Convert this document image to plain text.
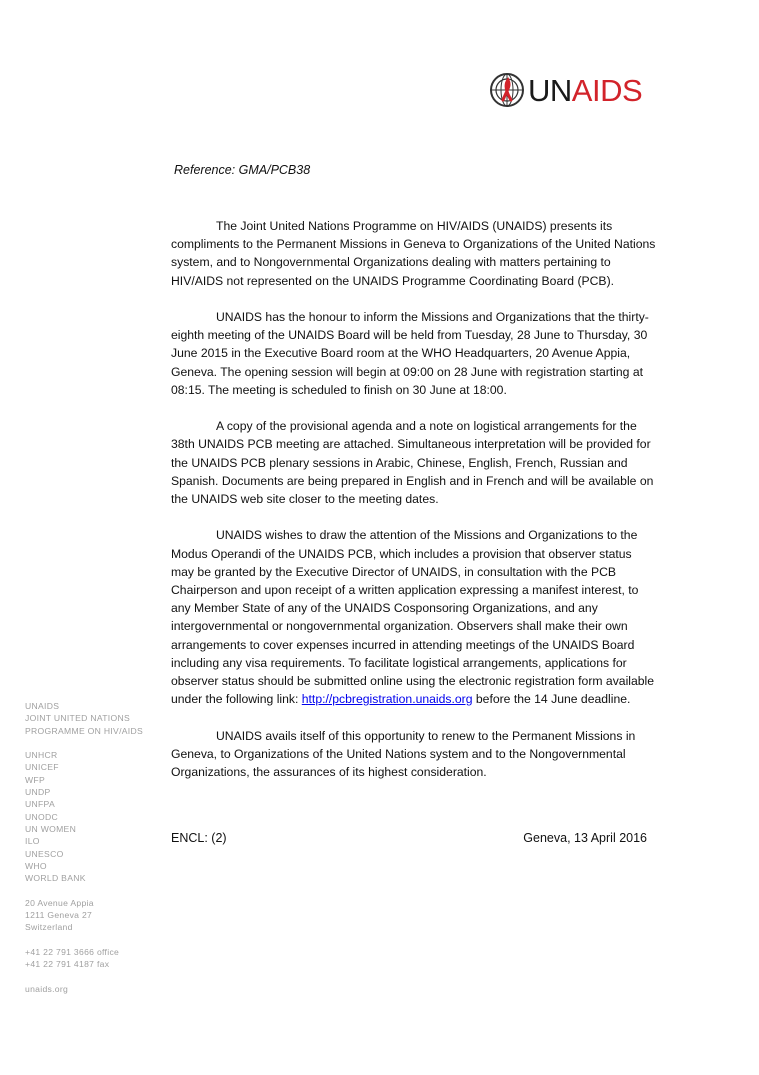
UNAIDS
Reference: GMA/PCB38

The Joint United Nations Programme on HIV/AIDS (UNAIDS) presents its compliments to the Permanent Missions in Geneva to Organizations of the United Nations system, and to Nongovernmental Organizations dealing with matters pertaining to HIV/AIDS not represented on the UNAIDS Programme Coordinating Board (PCB).

UNAIDS has the honour to inform the Missions and Organizations that the thirty-eighth meeting of the UNAIDS Board will be held from Tuesday, 28 June to Thursday, 30 June 2015 in the Executive Board room at the WHO Headquarters, 20 Avenue Appia, Geneva. The opening session will begin at 09:00 on 28 June with registration starting at 08:15. The meeting is scheduled to finish on 30 June at 18:00.

A copy of the provisional agenda and a note on logistical arrangements for the 38th UNAIDS PCB meeting are attached. Simultaneous interpretation will be provided for the UNAIDS PCB plenary sessions in Arabic, Chinese, English, French, Russian and Spanish. Documents are being prepared in English and in French and will be available on the UNAIDS web site closer to the meeting dates.

UNAIDS wishes to draw the attention of the Missions and Organizations to the Modus Operandi of the UNAIDS PCB, which includes a provision that observer status may be granted by the Executive Director of UNAIDS, in consultation with the PCB Chairperson and upon receipt of a written application expressing a manifest interest, to any Member State of any of the UNAIDS Cosponsoring Organizations, and any intergovernmental or nongovernmental organization. Observers shall make their own arrangements to cover expenses incurred in attending meetings of the UNAIDS Board including any visa requirements. To facilitate logistical arrangements, applications for observer status should be submitted online using the electronic registration form available under the following link: http://pcbregistration.unaids.org before the 14 June deadline.

UNAIDS avails itself of this opportunity to renew to the Permanent Missions in Geneva, to Organizations of the United Nations system and to the Nongovernmental Organizations, the assurances of its highest consideration.

ENCL: (2)	Geneva, 13 April 2016
UNAIDS
JOINT UNITED NATIONS
PROGRAMME ON HIV/AIDS
UNHCR
UNICEF
WFP
UNDP
UNFPA
UNODC
UN WOMEN
ILO
UNESCO
WHO
WORLD BANK
20 Avenue Appia
1211 Geneva 27
Switzerland
+41 22 791 3666 office
+41 22 791 4187 fax
unaids.org
